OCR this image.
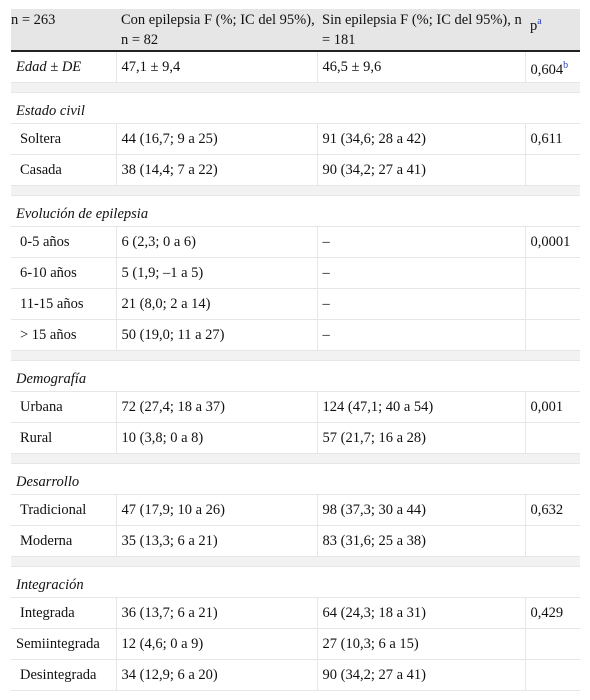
n = 263	Con epilepsia F (%; IC del 95%), n = 82	Sin epilepsia F (%; IC del 95%), n = 181	$p^a$
Edad ± DE	47,1 ± 9,4	46,5 ± 9,6	0,604$^b$

Estado civil			
Soltera	44 (16,7; 9 a 25)	91 (34,6; 28 a 42)	0,611
Casada	38 (14,4; 7 a 22)	90 (34,2; 27 a 41)	

Evolución de epilepsia			
0-5 años	6 (2,3; 0 a 6)	–	0,0001
6-10 años	5 (1,9; –1 a 5)	–	
11-15 años	21 (8,0; 2 a 14)	–	
> 15 años	50 (19,0; 11 a 27)	–	

Demografía			
Urbana	72 (27,4; 18 a 37)	124 (47,1; 40 a 54)	0,001
Rural	10 (3,8; 0 a 8)	57 (21,7; 16 a 28)	

Desarrollo			
Tradicional	47 (17,9; 10 a 26)	98 (37,3; 30 a 44)	0,632
Moderna	35 (13,3; 6 a 21)	83 (31,6; 25 a 38)	

Integración			
Integrada	36 (13,7; 6 a 21)	64 (24,3; 18 a 31)	0,429
Semiintegrada	12 (4,6; 0 a 9)	27 (10,3; 6 a 15)	
Desintegrada	34 (12,9; 6 a 20)	90 (34,2; 27 a 41)	
